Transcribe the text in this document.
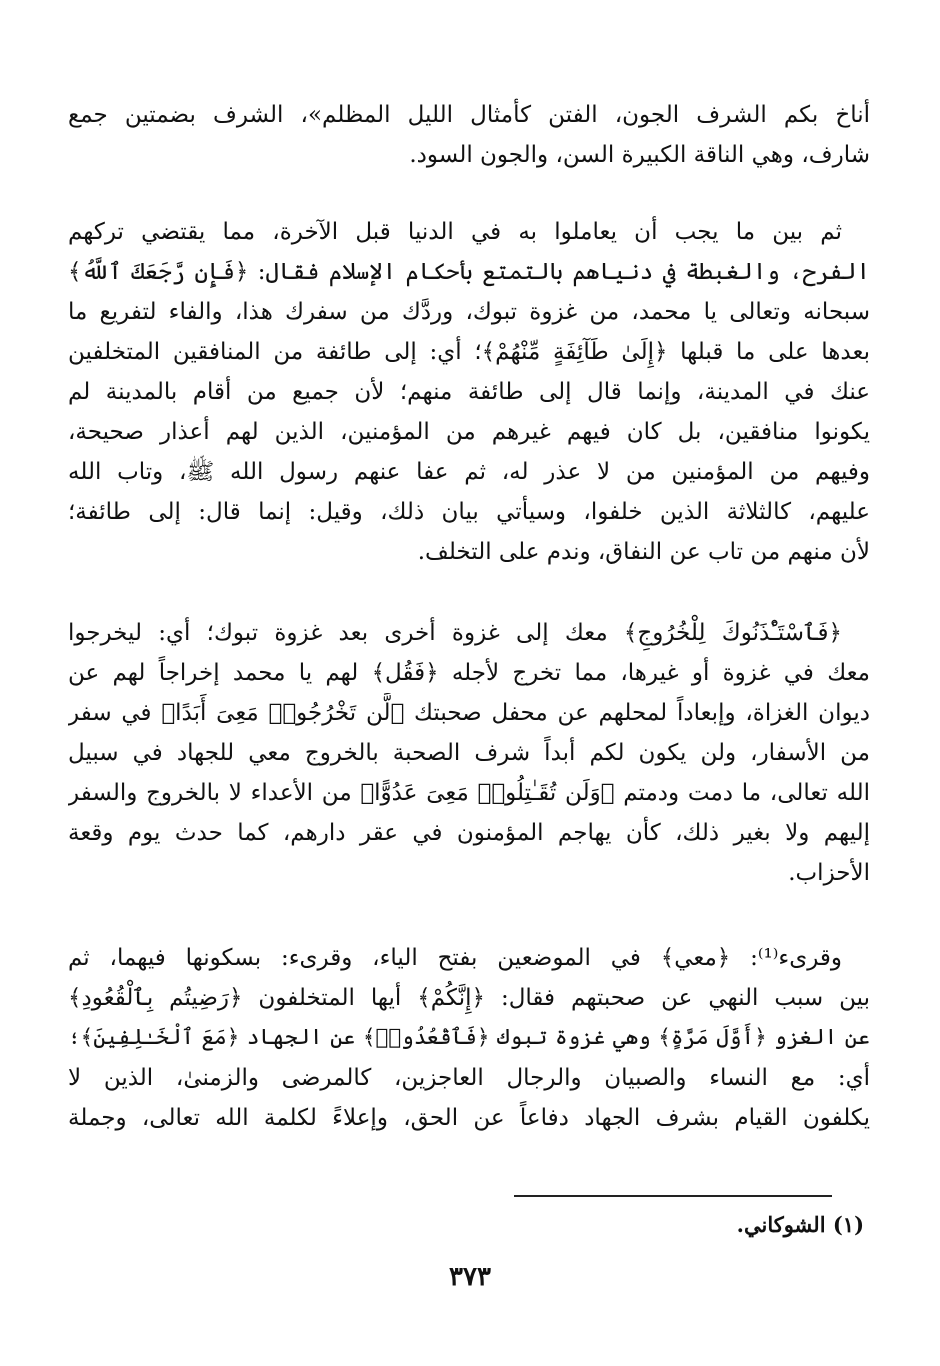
أناخ بكم الشرف الجون، الفتن كأمثال الليل المظلم»، الشرف بضمتين جمع
شارف، وهي الناقة الكبيرة السن، والجون السود.
ثم بين ما يجب أن يعاملوا به في الدنيا قبل الآخرة، مما يقتضي تركهم
الفرح، والغبطة في دنياهم بالتمتع بأحكام الإسلام فقال: ﴿فَإِن رَّجَعَكَ ٱللَّهُ﴾
سبحانه وتعالى يا محمد، من غزوة تبوك، وردَّك من سفرك هذا، والفاء لتفريع ما
بعدها على ما قبلها ﴿إِلَىٰ طَآئِفَةٍ مِّنْهُمْ﴾؛ أي: إلى طائفة من المنافقين المتخلفين
عنك في المدينة، وإنما قال إلى طائفة منهم؛ لأن جميع من أقام بالمدينة لم
يكونوا منافقين، بل كان فيهم غيرهم من المؤمنين، الذين لهم أعذار صحيحة،
وفيهم من المؤمنين من لا عذر له، ثم عفا عنهم رسول الله ﷺ، وتاب الله
عليهم، كالثلاثة الذين خلفوا، وسيأتي بيان ذلك، وقيل: إنما قال: إلى طائفة؛
لأن منهم من تاب عن النفاق، وندم على التخلف.
﴿فَٱسْتَـْٔذَنُوكَ لِلْخُرُوجِ﴾ معك إلى غزوة أخرى بعد غزوة تبوك؛ أي: ليخرجوا
معك في غزوة أو غيرها، مما تخرج لأجله ﴿فَقُل﴾ لهم يا محمد إخراجاً لهم عن
ديوان الغزاة، وإبعاداً لمحلهم عن محفل صحبتك ﴿لَّن تَخْرُجُوا۟ مَعِىَ أَبَدًا﴾ في سفر
من الأسفار، ولن يكون لكم أبداً شرف الصحبة بالخروج معي للجهاد في سبيل
الله تعالى، ما دمت ودمتم ﴿وَلَن تُقَـٰتِلُوا۟ مَعِىَ عَدُوًّا﴾ من الأعداء لا بالخروج والسفر
إليهم ولا بغير ذلك، كأن يهاجم المؤمنون في عقر دارهم، كما حدث يوم وقعة
الأحزاب.
وقرىء⁽¹⁾: ﴿معي﴾ في الموضعين بفتح الياء، وقرىء: بسكونها فيهما، ثم
بين سبب النهي عن صحبتهم فقال: ﴿إِنَّكُمْ﴾ أيها المتخلفون ﴿رَضِيتُم بِٱلْقُعُودِ﴾
عن الغزو ﴿أَوَّلَ مَرَّةٍ﴾ وهي غزوة تبوك ﴿فَٱقْعُدُوا۟﴾ عن الجهاد ﴿مَعَ ٱلْخَـٰلِفِينَ﴾؛
أي: مع النساء والصبيان والرجال العاجزين، كالمرضى والزمنىٰ، الذين لا
يكلفون القيام بشرف الجهاد دفاعاً عن الحق، وإعلاءً لكلمة الله تعالى، وجملة
(١) الشوكاني.
٣٧٣
